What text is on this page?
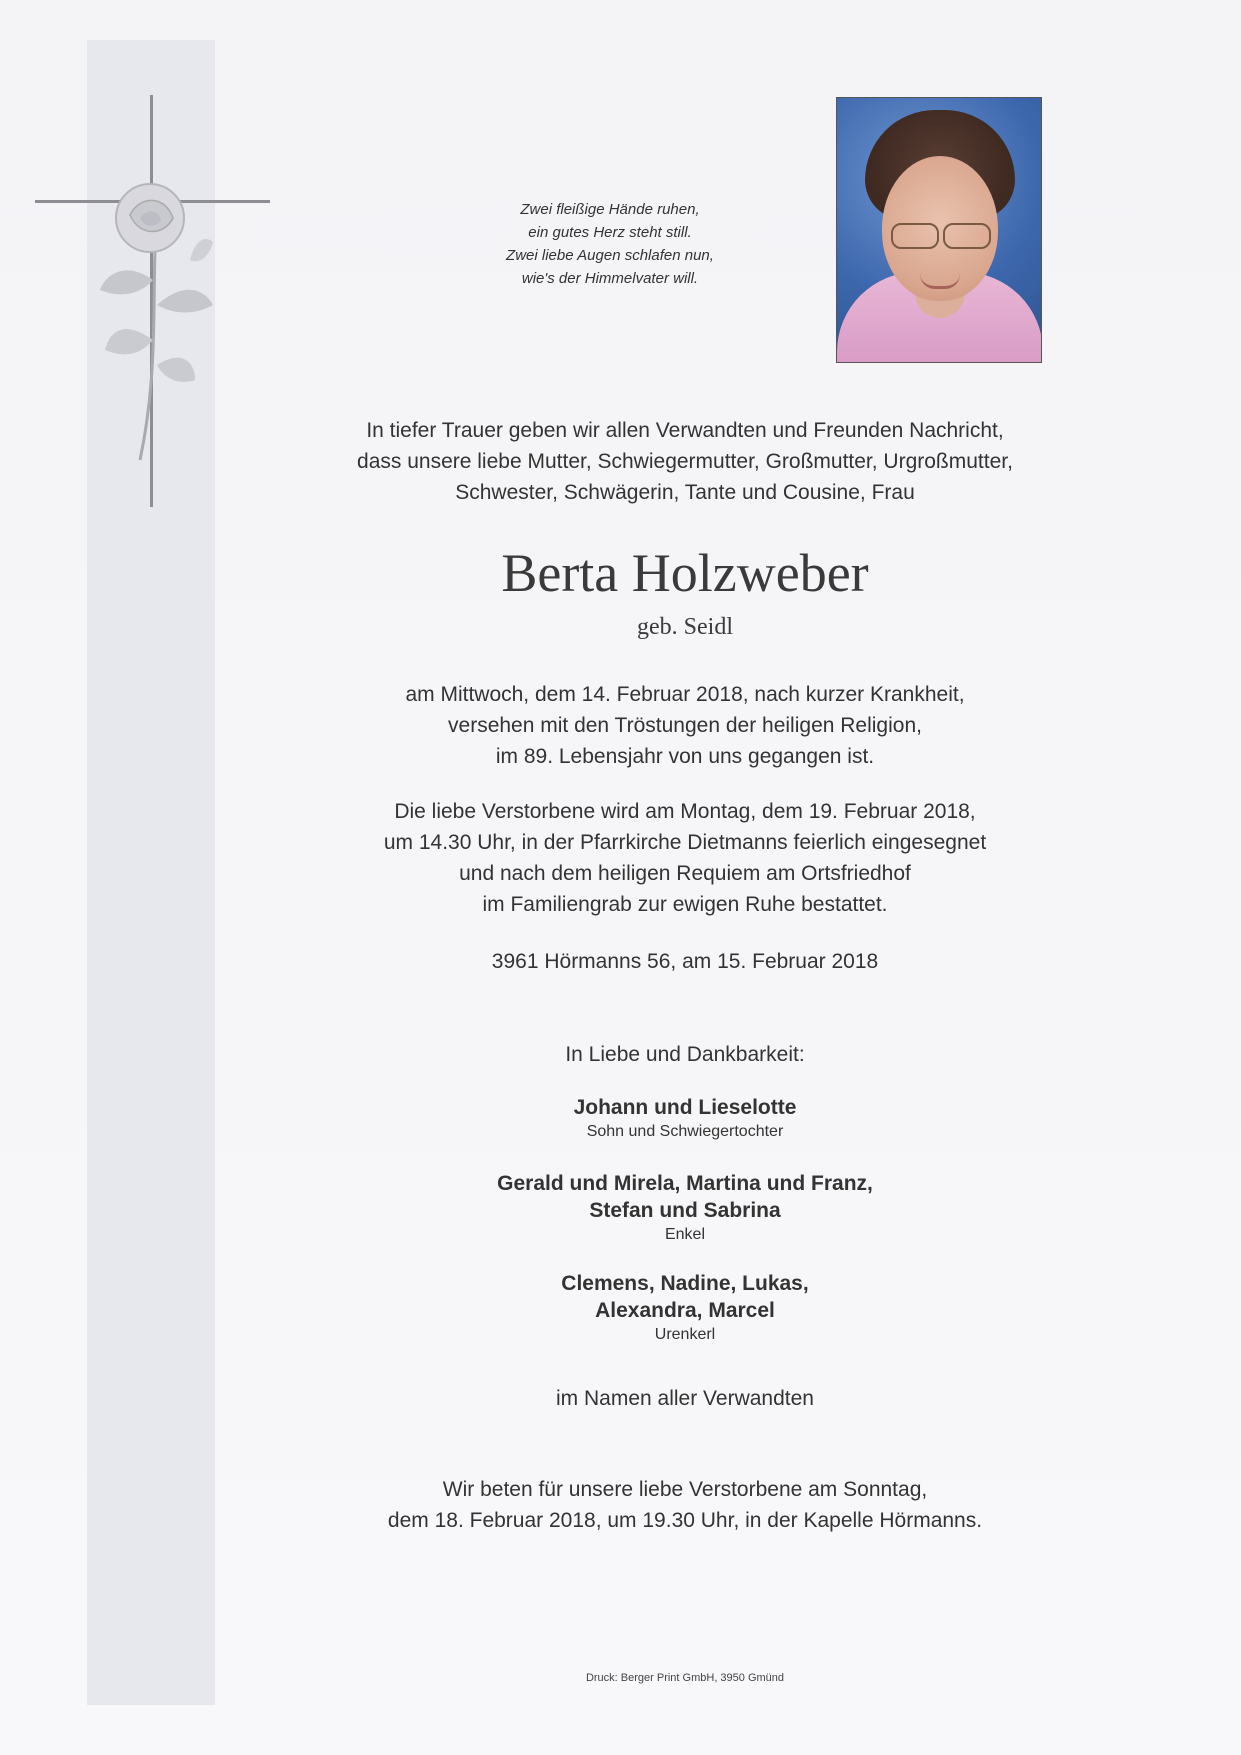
Zwei fleißige Hände ruhen,
ein gutes Herz steht still.
Zwei liebe Augen schlafen nun,
wie's der Himmelvater will.
In tiefer Trauer geben wir allen Verwandten und Freunden Nachricht,
dass unsere liebe Mutter, Schwiegermutter, Großmutter, Urgroßmutter,
Schwester, Schwägerin, Tante und Cousine, Frau
Berta Holzweber
geb. Seidl
am Mittwoch, dem 14. Februar 2018, nach kurzer Krankheit,
versehen mit den Tröstungen der heiligen Religion,
im 89. Lebensjahr von uns gegangen ist.
Die liebe Verstorbene wird am Montag, dem 19. Februar 2018,
um 14.30 Uhr, in der Pfarrkirche Dietmanns feierlich eingesegnet
und nach dem heiligen Requiem am Ortsfriedhof
im Familiengrab zur ewigen Ruhe bestattet.
3961 Hörmanns 56, am 15. Februar 2018
In Liebe und Dankbarkeit:
Johann und Lieselotte
Sohn und Schwiegertochter
Gerald und Mirela, Martina und Franz,
Stefan und Sabrina
Enkel
Clemens, Nadine, Lukas,
Alexandra, Marcel
Urenkerl
im Namen aller Verwandten
Wir beten für unsere liebe Verstorbene am Sonntag,
dem 18. Februar 2018, um 19.30 Uhr, in der Kapelle Hörmanns.
Druck: Berger Print GmbH, 3950 Gmünd
